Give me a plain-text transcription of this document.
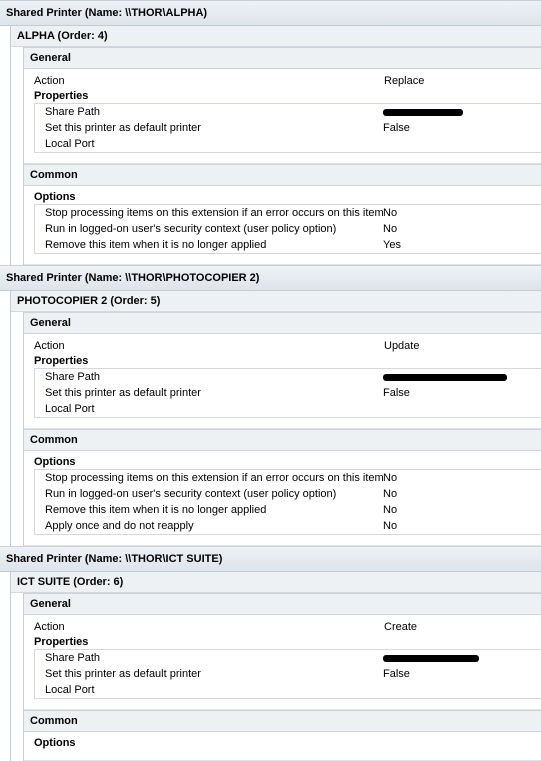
Shared Printer (Name: \\THOR\ALPHA)
ALPHA (Order: 4)
General
Action	Replace
Properties
Share Path
Set this printer as default printer	False
Local Port
Common
Options
Stop processing items on this extension if an error occurs on this item No
Run in logged-on user's security context (user policy option)	No
Remove this item when it is no longer applied	Yes
Shared Printer (Name: \\THOR\PHOTOCOPIER 2)
PHOTOCOPIER 2 (Order: 5)
General
Action	Update
Properties
Share Path
Set this printer as default printer	False
Local Port
Common
Options
Stop processing items on this extension if an error occurs on this item No
Run in logged-on user's security context (user policy option)	No
Remove this item when it is no longer applied	No
Apply once and do not reapply	No
Shared Printer (Name: \\THOR\ICT SUITE)
ICT SUITE (Order: 6)
General
Action	Create
Properties
Share Path
Set this printer as default printer	False
Local Port
Common
Options
